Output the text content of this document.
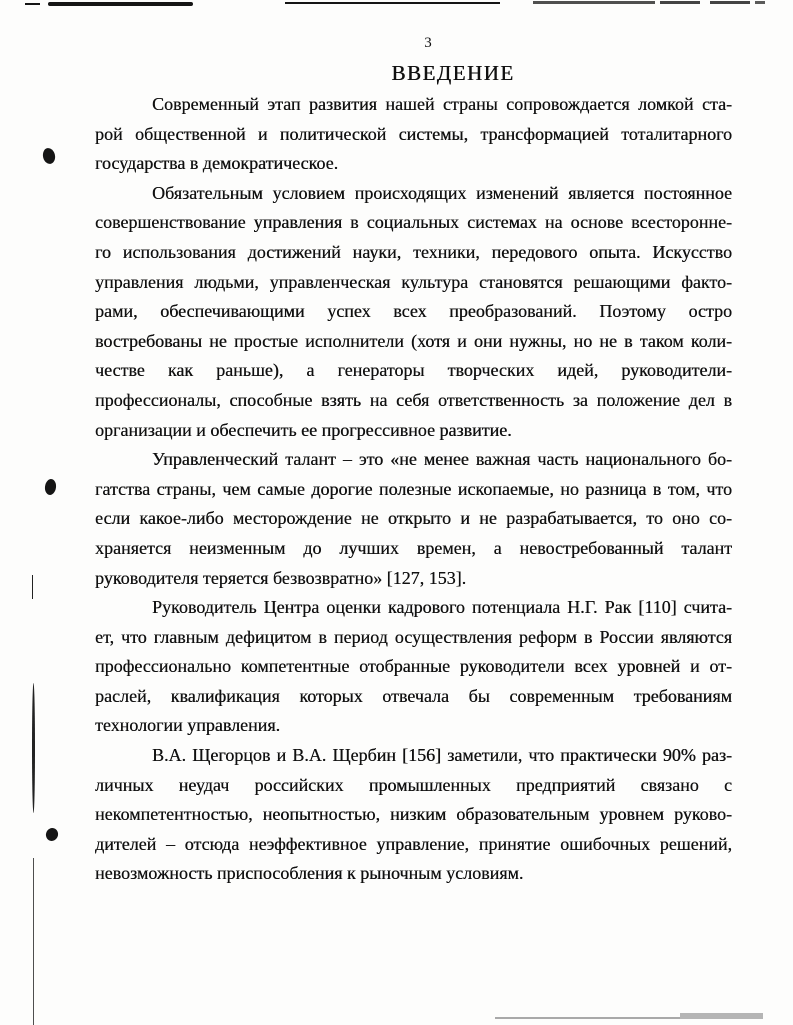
3
ВВЕДЕНИЕ
Современный этап развития нашей страны сопровождается ломкой ста-
рой общественной и политической системы, трансформацией тоталитарного
государства в демократическое.
Обязательным условием происходящих изменений является постоянное
совершенствование управления в социальных системах на основе всесторонне-
го использования достижений науки, техники, передового опыта. Искусство
управления людьми, управленческая культура становятся решающими факто-
рами, обеспечивающими успех всех преобразований. Поэтому остро
востребованы не простые исполнители (хотя и они нужны, но не в таком коли-
честве как раньше), а генераторы творческих идей, руководители-
профессионалы, способные взять на себя ответственность за положение дел в
организации и обеспечить ее прогрессивное развитие.
Управленческий талант – это «не менее важная часть национального бо-
гатства страны, чем самые дорогие полезные ископаемые, но разница в том, что
если какое-либо месторождение не открыто и не разрабатывается, то оно со-
храняется неизменным до лучших времен, а невостребованный талант
руководителя теряется безвозвратно» [127, 153].
Руководитель Центра оценки кадрового потенциала Н.Г. Рак [110] счита-
ет, что главным дефицитом в период осуществления реформ в России являются
профессионально компетентные отобранные руководители всех уровней и от-
раслей, квалификация которых отвечала бы современным требованиям
технологии управления.
В.А. Щегорцов и В.А. Щербин [156] заметили, что практически 90% раз-
личных неудач российских промышленных предприятий связано с
некомпетентностью, неопытностью, низким образовательным уровнем руково-
дителей – отсюда неэффективное управление, принятие ошибочных решений,
невозможность приспособления к рыночным условиям.
